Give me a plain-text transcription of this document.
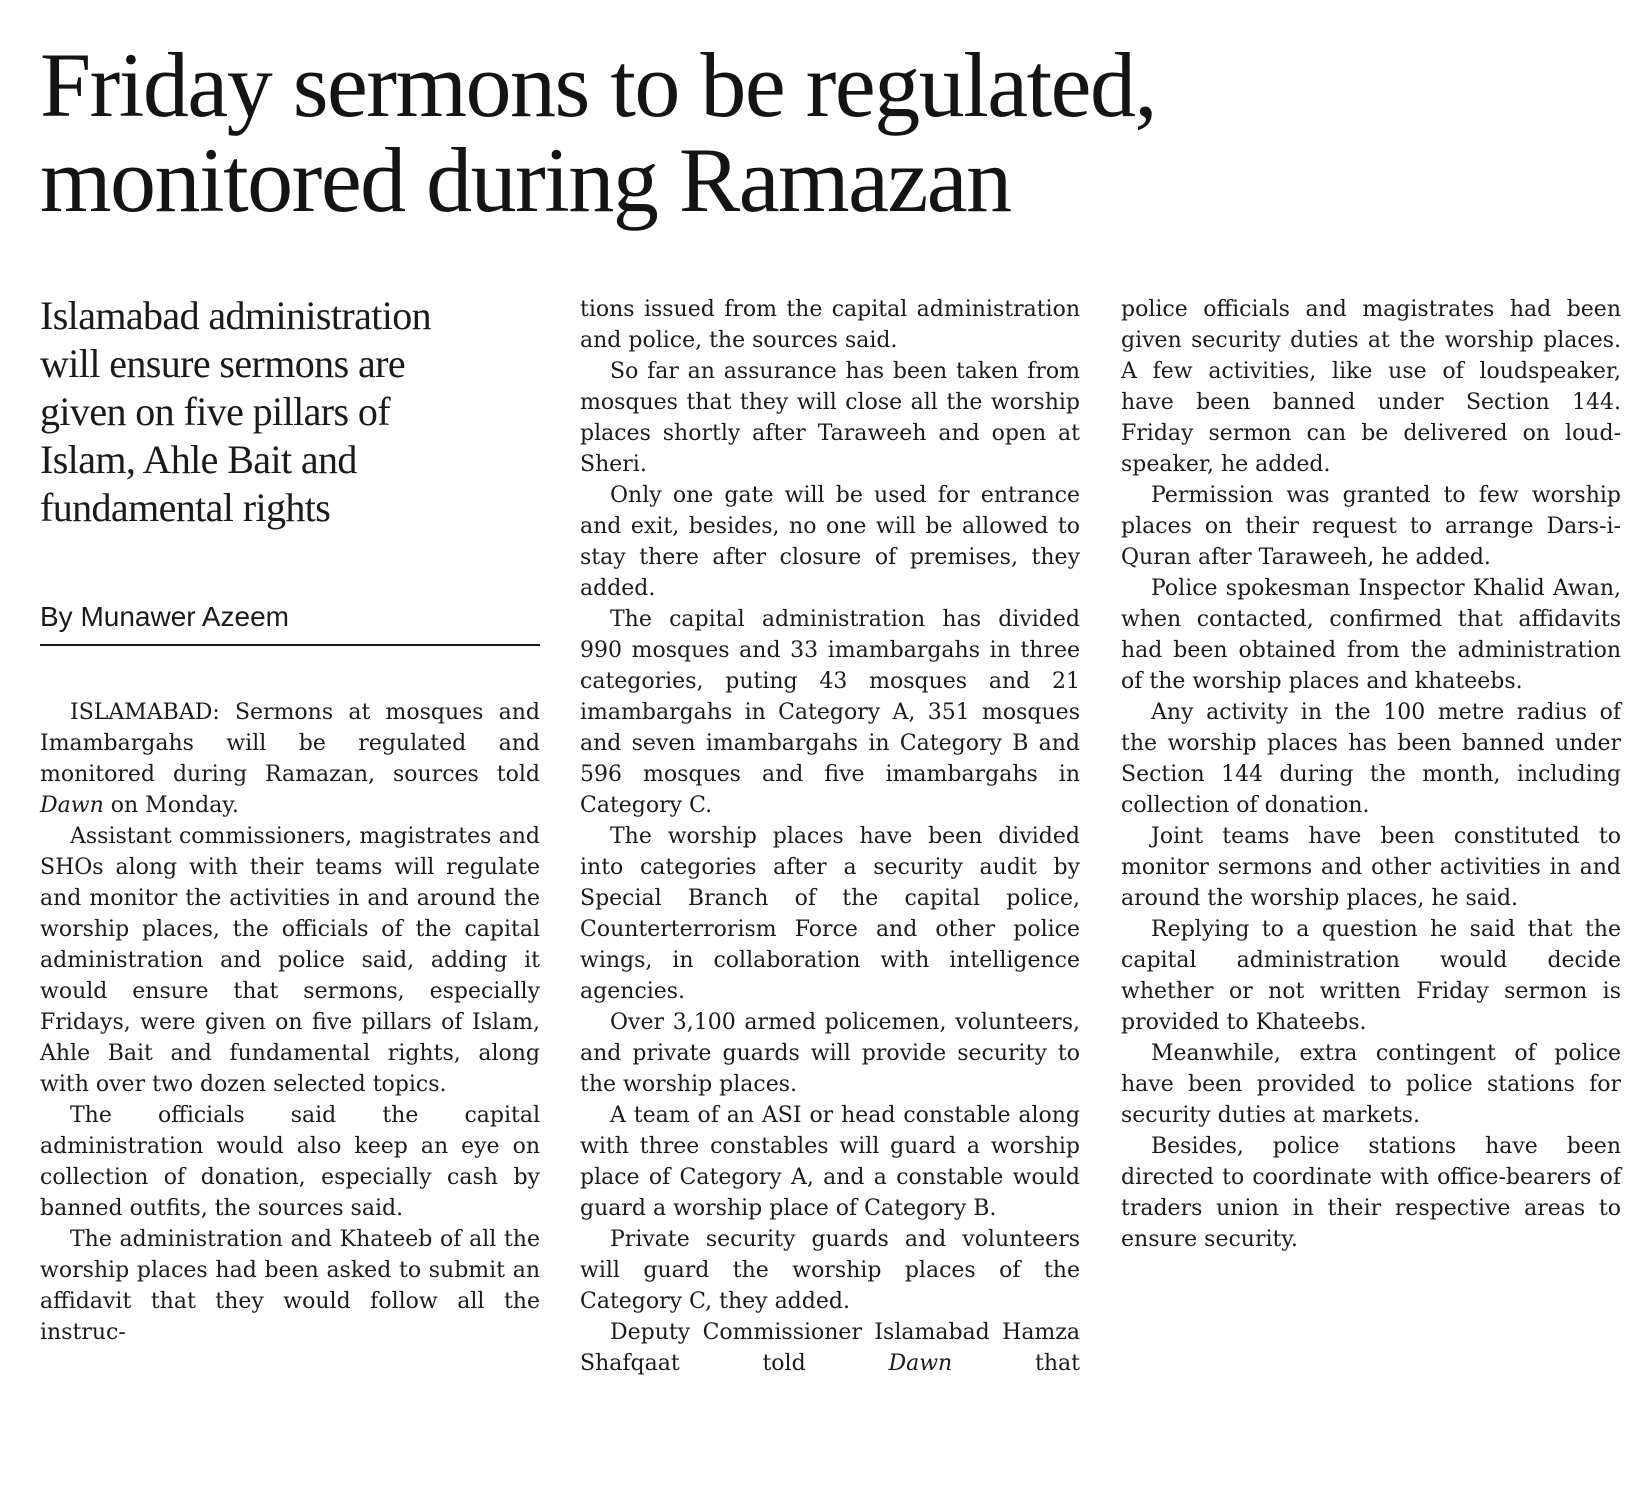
Friday sermons to be regulated,
monitored during Ramazan
Islamabad administration
will ensure sermons are
given on five pillars of
Islam, Ahle Bait and
fundamental rights
By Munawer Azeem

ISLAMABAD: Sermons at mosques and Imambargahs will be regulated and monitored during Ramazan, sources told Dawn on Monday.

Assistant commissioners, magistrates and SHOs along with their teams will regulate and monitor the activities in and around the worship places, the officials of the capital administration and police said, adding it would ensure that sermons, especially Fridays, were given on five pillars of Islam, Ahle Bait and fundamental rights, along with over two dozen selected topics.

The officials said the capital administration would also keep an eye on collection of donation, especially cash by banned outfits, the sources said.

The administration and Khateeb of all the worship places had been asked to submit an affidavit that they would follow all the instruc-

tions issued from the capital administration and police, the sources said.

So far an assurance has been taken from mosques that they will close all the worship places shortly after Taraweeh and open at Sheri.

Only one gate will be used for entrance and exit, besides, no one will be allowed to stay there after closure of premises, they added.

The capital administration has divided 990 mosques and 33 imambargahs in three categories, puting 43 mosques and 21 imambargahs in Category A, 351 mosques and seven imambargahs in Category B and 596 mosques and five imambargahs in Category C.

The worship places have been divided into categories after a security audit by Special Branch of the capital police, Counterterrorism Force and other police wings, in collaboration with intelligence agencies.

Over 3,100 armed policemen, volunteers, and private guards will provide security to the worship places.

A team of an ASI or head constable along with three constables will guard a worship place of Category A, and a constable would guard a worship place of Category B.

Private security guards and volunteers will guard the worship places of the Category C, they added.

Deputy Commissioner Islamabad Hamza Shafqaat told Dawn that

police officials and magistrates had been given security duties at the worship places. A few activities, like use of loudspeaker, have been banned under Section 144. Friday sermon can be delivered on loudspeaker, he added.

Permission was granted to few worship places on their request to arrange Dars-i-Quran after Taraweeh, he added.

Police spokesman Inspector Khalid Awan, when contacted, confirmed that affidavits had been obtained from the administration of the worship places and khateebs.

Any activity in the 100 metre radius of the worship places has been banned under Section 144 during the month, including collection of donation.

Joint teams have been constituted to monitor sermons and other activities in and around the worship places, he said.

Replying to a question he said that the capital administration would decide whether or not written Friday sermon is provided to Khateebs.

Meanwhile, extra contingent of police have been provided to police stations for security duties at markets.

Besides, police stations have been directed to coordinate with office-bearers of traders union in their respective areas to ensure security.
